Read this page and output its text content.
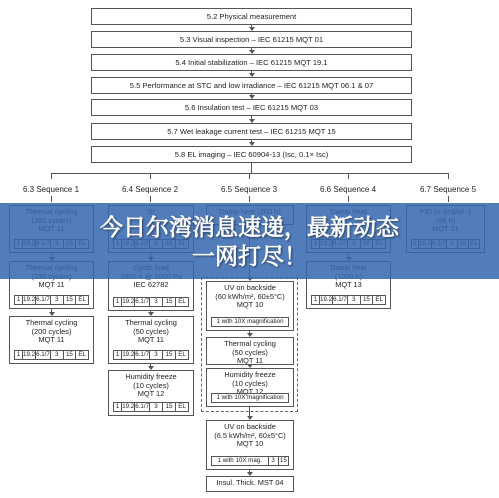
5.2 Physical measurement
5.3 Visual inspection – IEC 61215 MQT 01
5.4 Initial stabilization – IEC 61215 MQT 19.1
5.5 Performance at STC and low irradiance – IEC 61215 MQT 06.1 & 07
5.6 Insulation test – IEC 61215 MQT 03
5.7 Wet leakage current test – IEC 61215 MQT 15
5.8 EL imaging – IEC 60904-13 (Isc, 0.1× Isc)
6.3 Sequence 1
MQT 11
1 19.2 6.1/7 3	15 EL
Thermal cycling
(200 cycles)
MQT 11
1 19.2 6.1/7 3	15 EL
6.4 Sequence 2
IEC 62782
1 19.2 6.1/7 3	15 EL
Thermal cycling
(50 cycles)
MQT 11
1 19.2 6.1/7 3	15 EL
Humidity freeze
(10 cycles)
MQT 12
1 19.2 6.1/7 3	15 EL
6.5 Sequence 3
UV on backside
(60 kWh/m², 60±5°C)
MQT 10
1 with 10X magnification
Thermal cycling
(50 cycles)
MQT 11
Humidity freeze
(10 cycles)
MQT 12
1 with 10X magnification
UV on backside
(6.5 kWh/m², 60±5°C)
MQT 10
1 with 10X mag.	3 15
Insul. Thick. MST 04
6.6 Sequence 4
MQT 13
1 19.2 6.1/7 3	15 EL
6.7 Sequence 5
今日尔湾消息速递，最新动态
一网打尽！
